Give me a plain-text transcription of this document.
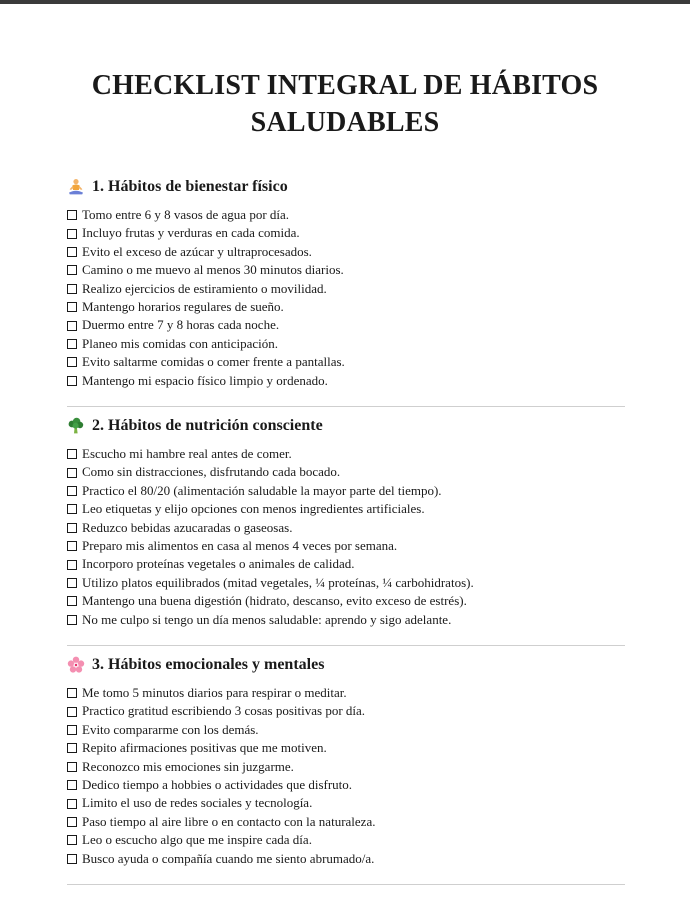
CHECKLIST INTEGRAL DE HÁBITOS SALUDABLES
1. Hábitos de bienestar físico
Tomo entre 6 y 8 vasos de agua por día.
Incluyo frutas y verduras en cada comida.
Evito el exceso de azúcar y ultraprocesados.
Camino o me muevo al menos 30 minutos diarios.
Realizo ejercicios de estiramiento o movilidad.
Mantengo horarios regulares de sueño.
Duermo entre 7 y 8 horas cada noche.
Planeo mis comidas con anticipación.
Evito saltarme comidas o comer frente a pantallas.
Mantengo mi espacio físico limpio y ordenado.
2. Hábitos de nutrición consciente
Escucho mi hambre real antes de comer.
Como sin distracciones, disfrutando cada bocado.
Practico el 80/20 (alimentación saludable la mayor parte del tiempo).
Leo etiquetas y elijo opciones con menos ingredientes artificiales.
Reduzco bebidas azucaradas o gaseosas.
Preparo mis alimentos en casa al menos 4 veces por semana.
Incorporo proteínas vegetales o animales de calidad.
Utilizo platos equilibrados (mitad vegetales, ¼ proteínas, ¼ carbohidratos).
Mantengo una buena digestión (hidrato, descanso, evito exceso de estrés).
No me culpo si tengo un día menos saludable: aprendo y sigo adelante.
3. Hábitos emocionales y mentales
Me tomo 5 minutos diarios para respirar o meditar.
Practico gratitud escribiendo 3 cosas positivas por día.
Evito compararme con los demás.
Repito afirmaciones positivas que me motiven.
Reconozco mis emociones sin juzgarme.
Dedico tiempo a hobbies o actividades que disfruto.
Limito el uso de redes sociales y tecnología.
Paso tiempo al aire libre o en contacto con la naturaleza.
Leo o escucho algo que me inspire cada día.
Busco ayuda o compañía cuando me siento abrumado/a.
